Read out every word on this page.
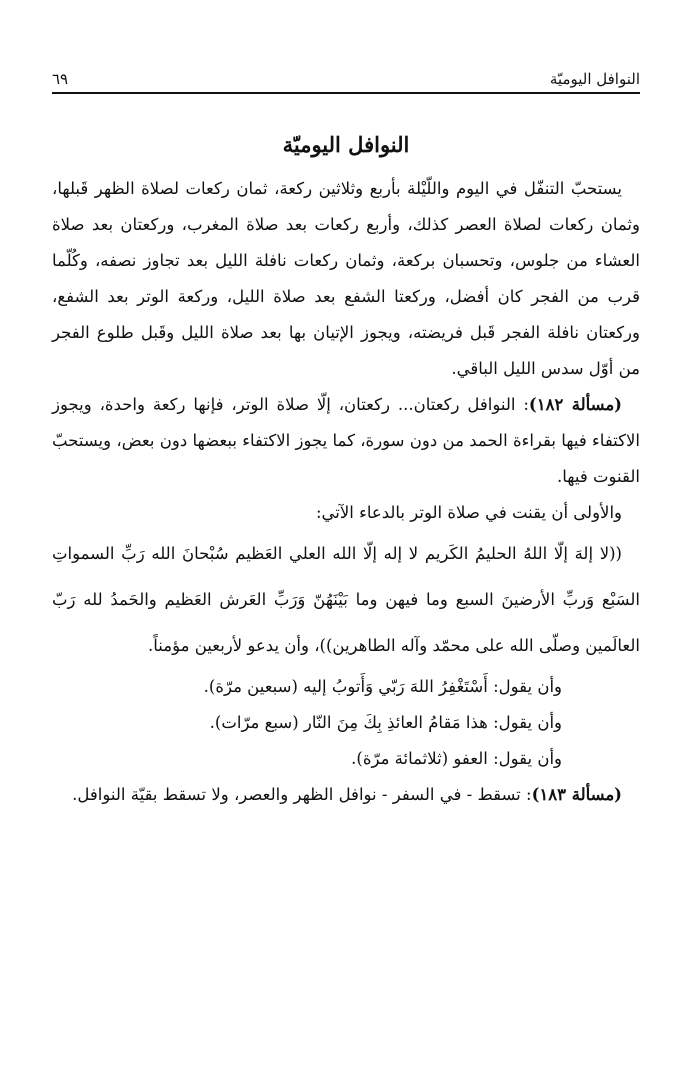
النوافل اليوميّة
٦٩
النوافل اليوميّة

يستحبّ التنفّل في اليوم واللّيْلة بأربع وثلاثين ركعة، ثمان ركعات لصلاة الظهر قَبلها، وثمان ركعات لصلاة العصر كذلك، وأربع ركعات بعد صلاة المغرب، وركعتان بعد صلاة العشاء من جلوس، وتحسبان بركعة، وثمان ركعات نافلة الليل بعد تجاوز نصفه، وكُلّما قرب من الفجر كان أفضل، وركعتا الشفع بعد صلاة الليل، وركعة الوتر بعد الشفع، وركعتان نافلة الفجر قَبل فريضته، ويجوز الإتيان بها بعد صلاة الليل وقَبل طلوع الفجر من أوّل سدس الليل الباقي.

(مسألة ١٨٢): النوافل ركعتان... ركعتان، إلّا صلاة الوتر، فإنها ركعة واحدة، ويجوز الاكتفاء فيها بقراءة الحمد من دون سورة، كما يجوز الاكتفاء ببعضها دون بعض، ويستحبّ القنوت فيها.

والأولى أن يقنت في صلاة الوتر بالدعاء الآتي:

((لا إلهَ إلّا اللهُ الحليمُ الكَريم لا إله إلّا الله العلي العَظيم سُبْحانَ الله رَبِّ السمواتِ السَبْع وَربِّ الأرضينَ السبع وما فيهن وما بَيْنَهُنّ وَرَبِّ العَرش العَظيم والحَمدُ لله رَبّ العالَمين وصلّى الله على محمّد وآله الطاهرين))، وأن يدعو لأربعين مؤمناً.

وأن يقول: أَسْتَغْفِرُ اللهَ رَبّي وَأَتوبُ إليه (سبعين مرّة).

وأن يقول: هذا مَقامُ العائذِ بِكَ مِنَ النّار (سبع مرّات).

وأن يقول: العفو (ثلاثمائة مرّة).

(مسألة ١٨٣): تسقط - في السفر - نوافل الظهر والعصر، ولا تسقط بقيّة النوافل.
